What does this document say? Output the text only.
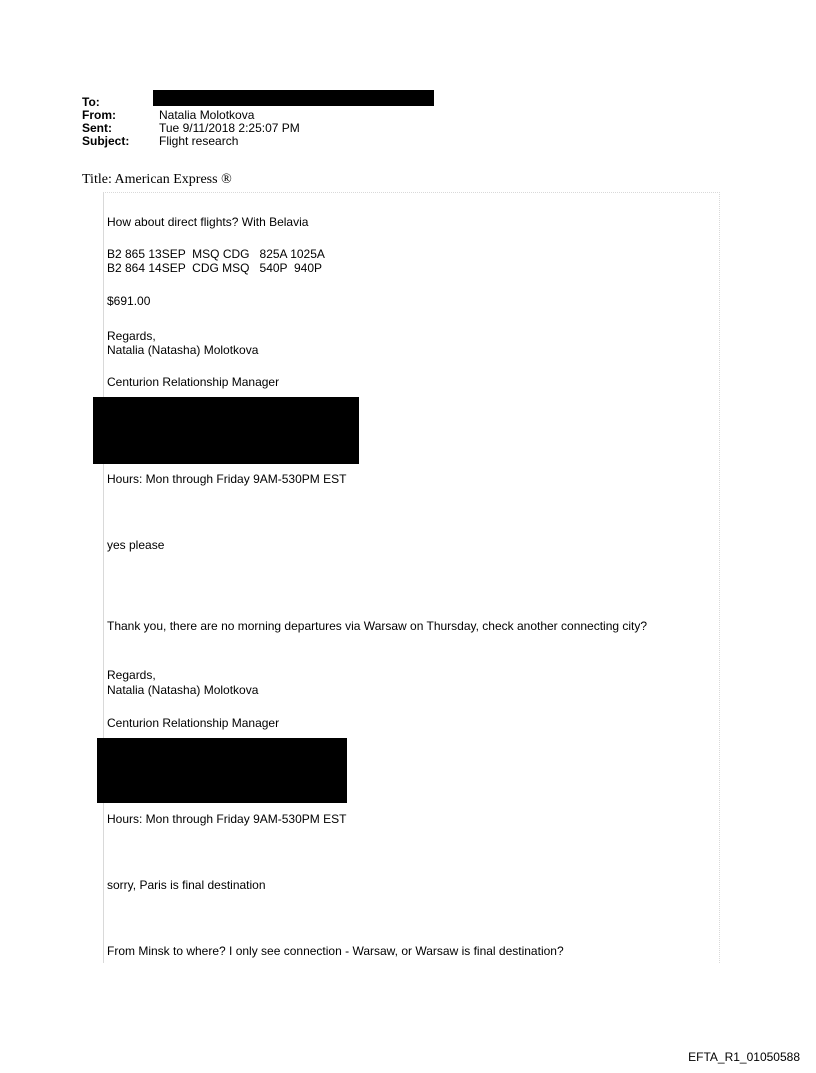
To:
From:	Natalia Molotkova
Sent:	Tue 9/11/2018 2:25:07 PM
Subject:	Flight research
Title: American Express ®
How about direct flights? With Belavia
B2 865 13SEP  MSQ CDG   825A 1025A
B2 864 14SEP  CDG MSQ   540P  940P
$691.00
Regards,
Natalia (Natasha) Molotkova
Centurion Relationship Manager
Hours: Mon through Friday 9AM-530PM EST
yes please
Thank you, there are no morning departures via Warsaw on Thursday, check another connecting city?
Regards,
Natalia (Natasha) Molotkova
Centurion Relationship Manager
Hours: Mon through Friday 9AM-530PM EST
sorry, Paris is final destination
From Minsk to where? I only see connection - Warsaw, or Warsaw is final destination?
EFTA_R1_01050588
